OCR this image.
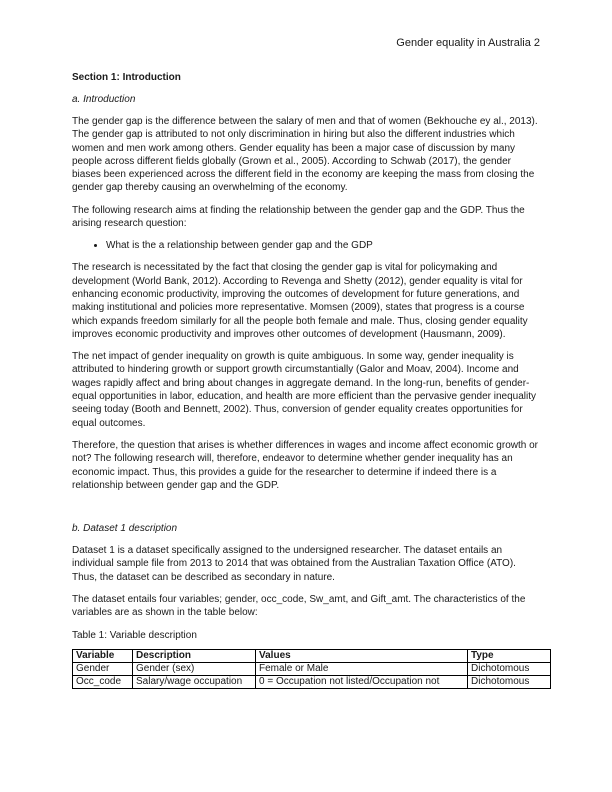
Gender equality in Australia 2
Section 1: Introduction
a. Introduction

The gender gap is the difference between the salary of men and that of women (Bekhouche ey al., 2013). The gender gap is attributed to not only discrimination in hiring but also the different industries which women and men work among others. Gender equality has been a major case of discussion by many people across different fields globally (Grown et al., 2005). According to Schwab (2017), the gender biases been experienced across the different field in the economy are keeping the mass from closing the gender gap thereby causing an overwhelming of the economy.

The following research aims at finding the relationship between the gender gap and the GDP. Thus the arising research question:

• What is the a relationship between gender gap and the GDP

The research is necessitated by the fact that closing the gender gap is vital for policymaking and development (World Bank, 2012). According to Revenga and Shetty (2012), gender equality is vital for enhancing economic productivity, improving the outcomes of development for future generations, and making institutional and policies more representative. Momsen (2009), states that progress is a course which expands freedom similarly for all the people both female and male. Thus, closing gender equality improves economic productivity and improves other outcomes of development (Hausmann, 2009).

The net impact of gender inequality on growth is quite ambiguous. In some way, gender inequality is attributed to hindering growth or support growth circumstantially (Galor and Moav, 2004). Income and wages rapidly affect and bring about changes in aggregate demand. In the long-run, benefits of gender-equal opportunities in labor, education, and health are more efficient than the pervasive gender inequality seeing today (Booth and Bennett, 2002). Thus, conversion of gender equality creates opportunities for equal outcomes.

Therefore, the question that arises is whether differences in wages and income affect economic growth or not? The following research will, therefore, endeavor to determine whether gender inequality has an economic impact. Thus, this provides a guide for the researcher to determine if indeed there is a relationship between gender gap and the GDP.

b. Dataset 1 description

Dataset 1 is a dataset specifically assigned to the undersigned researcher. The dataset entails an individual sample file from 2013 to 2014 that was obtained from the Australian Taxation Office (ATO). Thus, the dataset can be described as secondary in nature.

The dataset entails four variables; gender, occ_code, Sw_amt, and Gift_amt. The characteristics of the variables are as shown in the table below:

Table 1: Variable description
Variable	Description	Values	Type
Gender	Gender (sex)	Female or Male	Dichotomous
Occ_code	Salary/wage occupation	0 = Occupation not listed/Occupation not	Dichotomous
